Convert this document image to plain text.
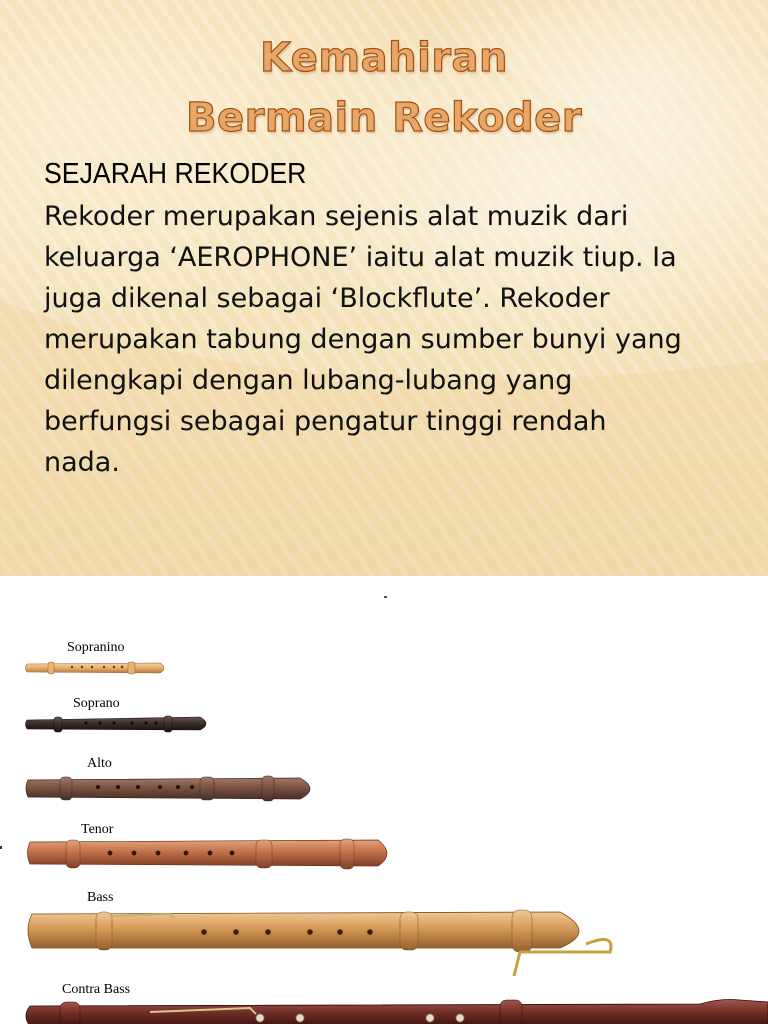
Kemahiran
Bermain Rekoder
SEJARAH REKODER
Rekoder merupakan sejenis alat muzik dari
keluarga ‘AEROPHONE’ iaitu alat muzik tiup. Ia
juga dikenal sebagai ‘Blockflute’. Rekoder
merupakan tabung dengan sumber bunyi yang
dilengkapi dengan lubang-lubang yang
berfungsi sebagai pengatur tinggi rendah
nada.
Sopranino
Soprano
Alto
Tenor
Bass
Contra Bass
